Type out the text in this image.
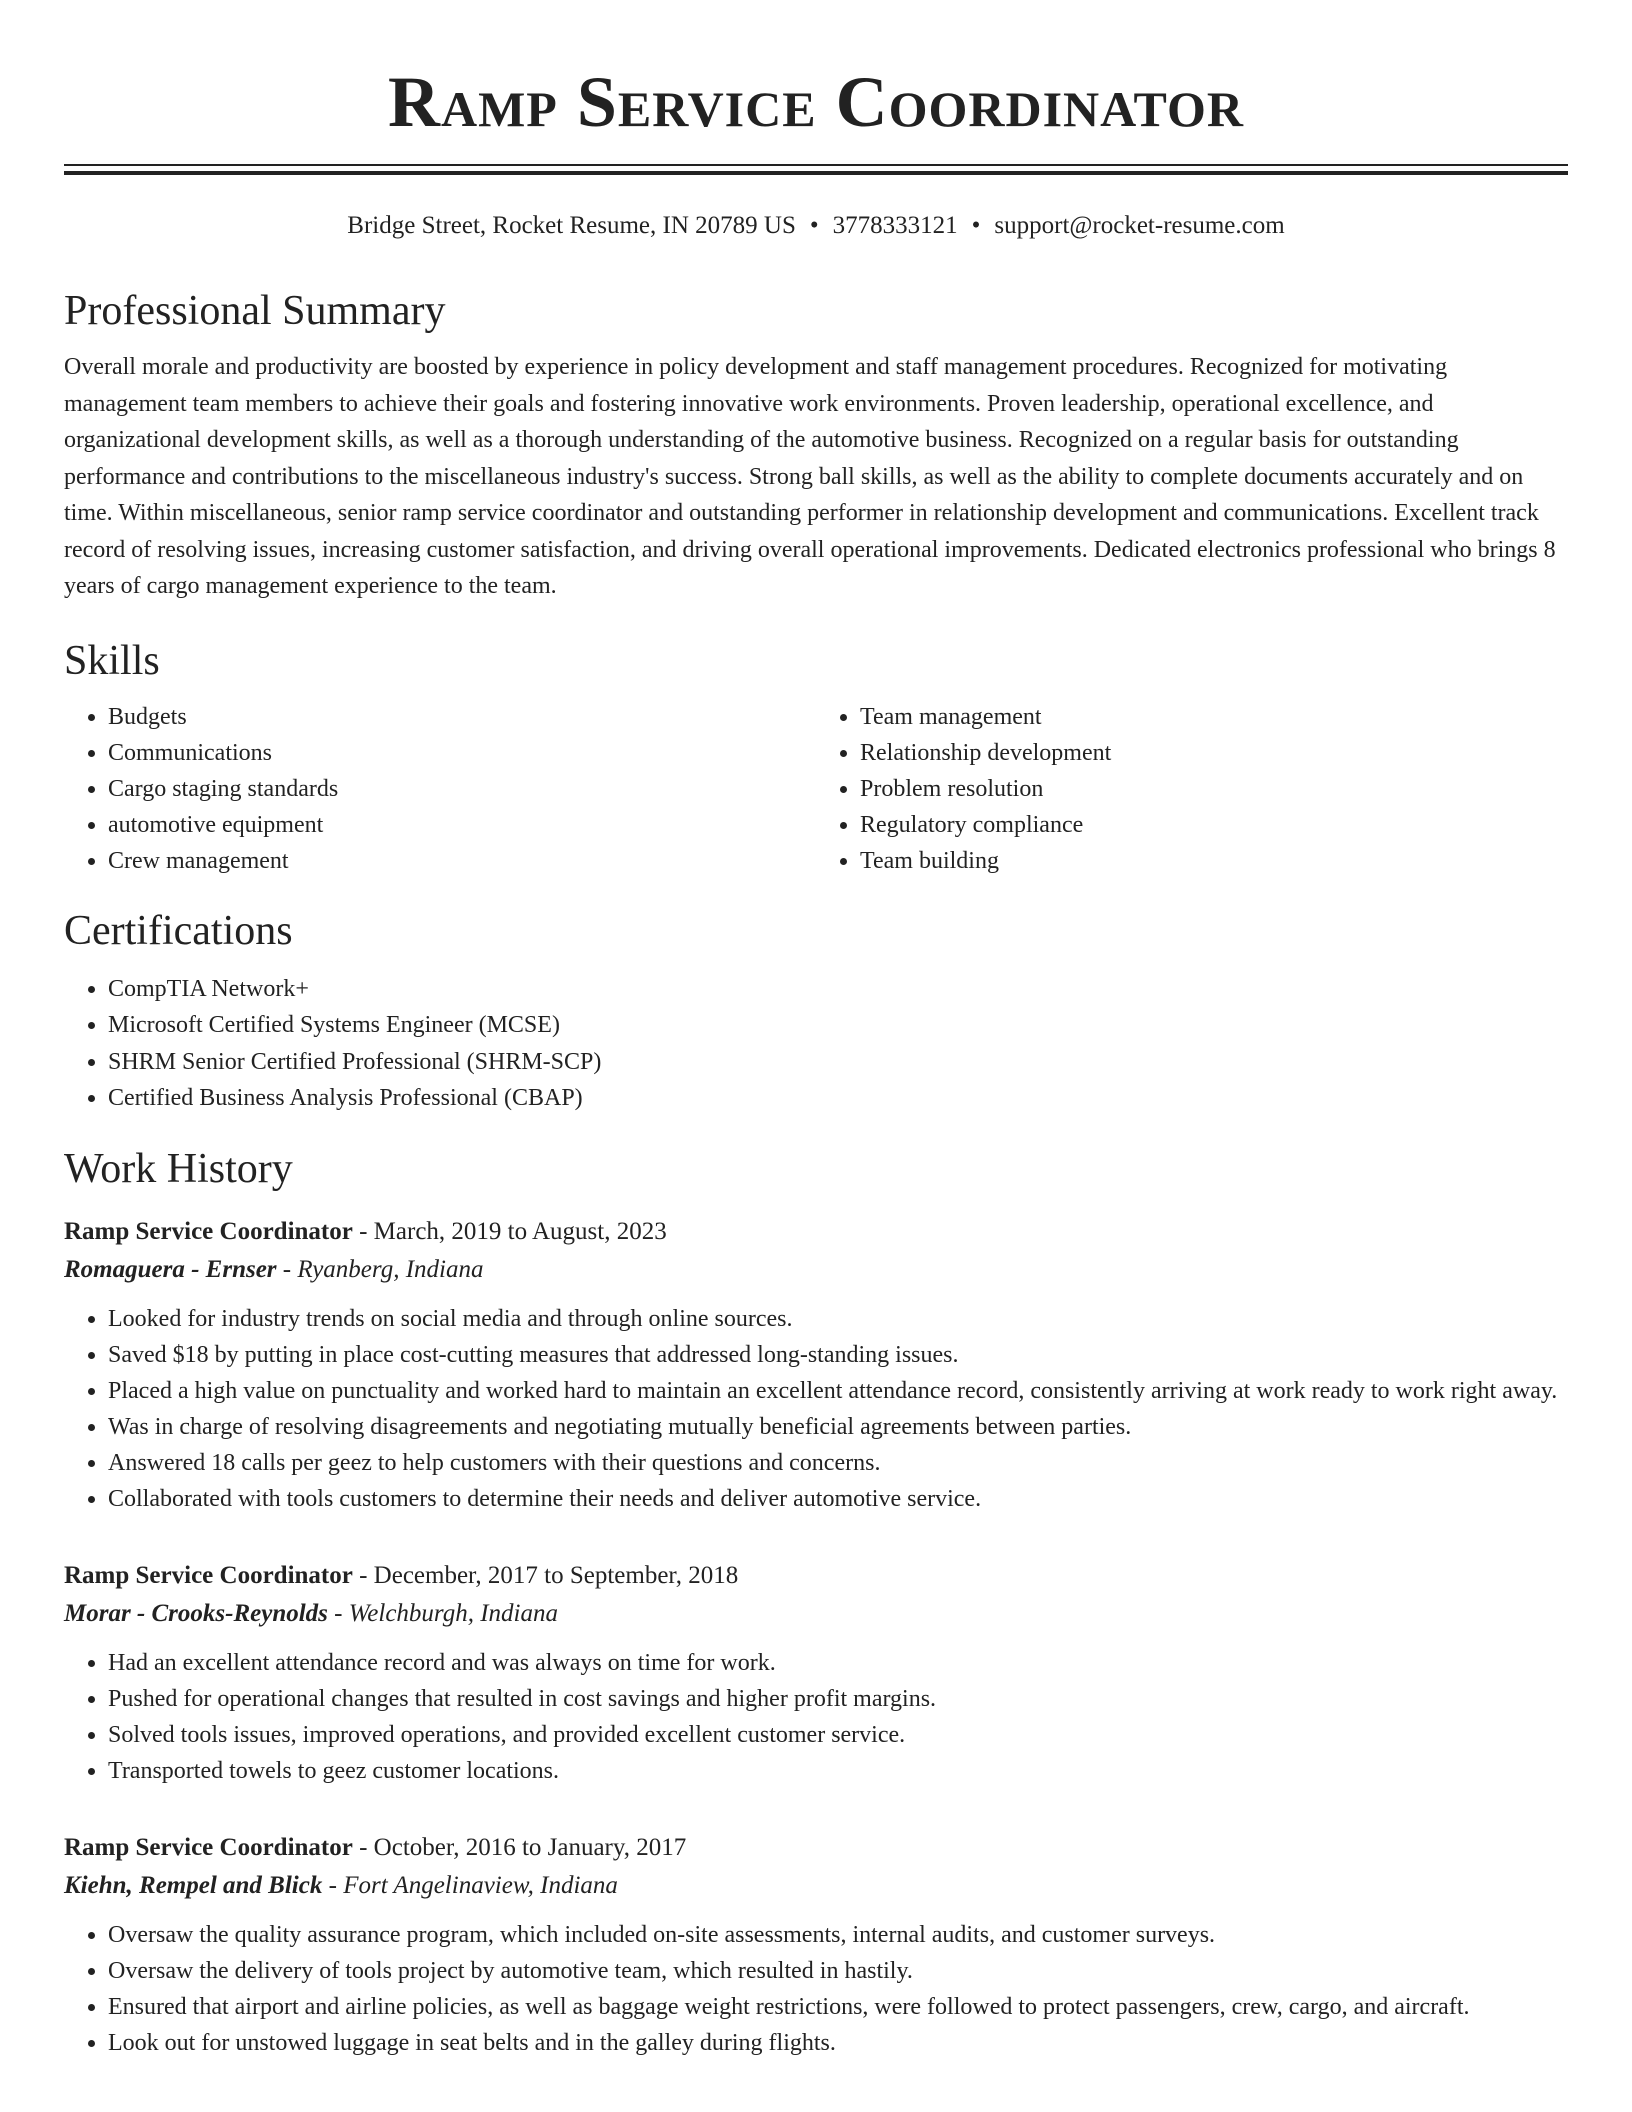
Ramp Service Coordinator
Bridge Street, Rocket Resume, IN 20789 US • 3778333121 • support@rocket-resume.com
Professional Summary

Overall morale and productivity are boosted by experience in policy development and staff management procedures. Recognized for motivating management team members to achieve their goals and fostering innovative work environments. Proven leadership, operational excellence, and organizational development skills, as well as a thorough understanding of the automotive business. Recognized on a regular basis for outstanding performance and contributions to the miscellaneous industry's success. Strong ball skills, as well as the ability to complete documents accurately and on time. Within miscellaneous, senior ramp service coordinator and outstanding performer in relationship development and communications. Excellent track record of resolving issues, increasing customer satisfaction, and driving overall operational improvements. Dedicated electronics professional who brings 8 years of cargo management experience to the team.

Skills
• Budgets
• Communications
• Cargo staging standards
• automotive equipment
• Crew management
• Team management
• Relationship development
• Problem resolution
• Regulatory compliance
• Team building
Certifications
• CompTIA Network+
• Microsoft Certified Systems Engineer (MCSE)
• SHRM Senior Certified Professional (SHRM-SCP)
• Certified Business Analysis Professional (CBAP)
Work History
Ramp Service Coordinator - March, 2019 to August, 2023
Romaguera - Ernser - Ryanberg, Indiana
• Looked for industry trends on social media and through online sources.
• Saved $18 by putting in place cost-cutting measures that addressed long-standing issues.
• Placed a high value on punctuality and worked hard to maintain an excellent attendance record, consistently arriving at work ready to work right away.
• Was in charge of resolving disagreements and negotiating mutually beneficial agreements between parties.
• Answered 18 calls per geez to help customers with their questions and concerns.
• Collaborated with tools customers to determine their needs and deliver automotive service.
Ramp Service Coordinator - December, 2017 to September, 2018
Morar - Crooks-Reynolds - Welchburgh, Indiana
• Had an excellent attendance record and was always on time for work.
• Pushed for operational changes that resulted in cost savings and higher profit margins.
• Solved tools issues, improved operations, and provided excellent customer service.
• Transported towels to geez customer locations.
Ramp Service Coordinator - October, 2016 to January, 2017
Kiehn, Rempel and Blick - Fort Angelinaview, Indiana
• Oversaw the quality assurance program, which included on-site assessments, internal audits, and customer surveys.
• Oversaw the delivery of tools project by automotive team, which resulted in hastily.
• Ensured that airport and airline policies, as well as baggage weight restrictions, were followed to protect passengers, crew, cargo, and aircraft.
• Look out for unstowed luggage in seat belts and in the galley during flights.
